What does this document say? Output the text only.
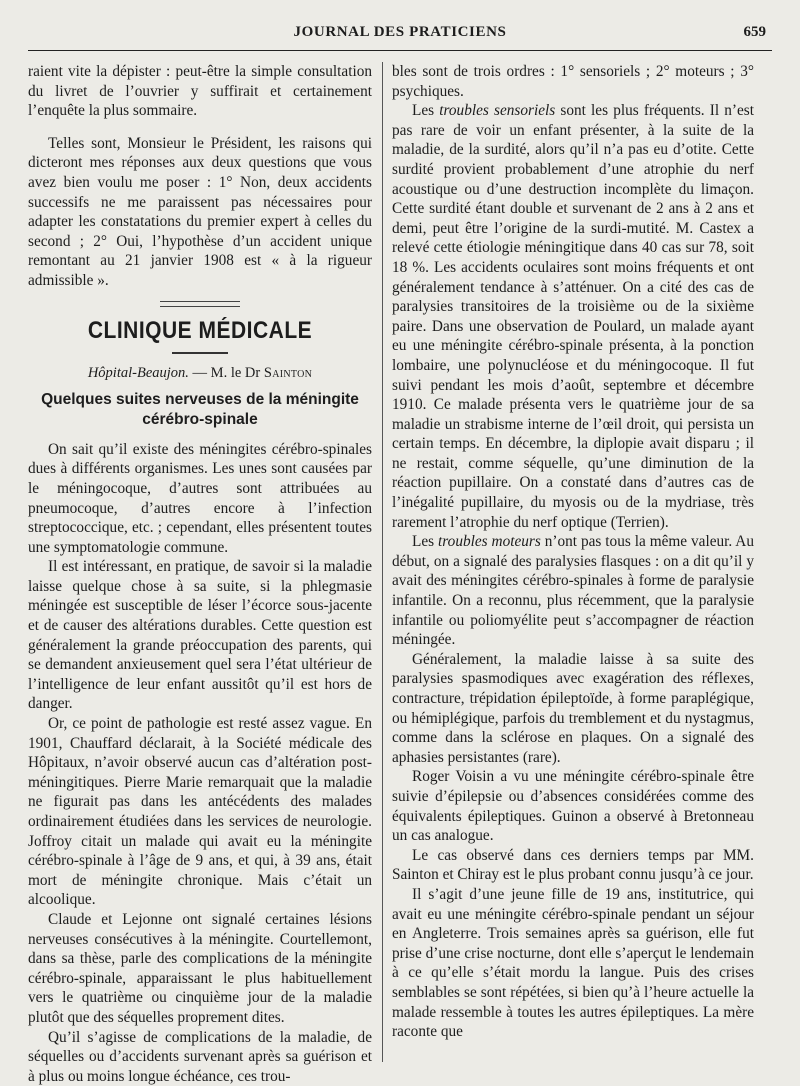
JOURNAL DES PRATICIENS	659

raient vite la dépister : peut-être la simple consultation du livret de l’ouvrier y suffirait et certainement l’enquête la plus sommaire.

Telles sont, Monsieur le Président, les raisons qui dicteront mes réponses aux deux questions que vous avez bien voulu me poser : 1° Non, deux accidents successifs ne me paraissent pas nécessaires pour adapter les constatations du premier expert à celles du second ; 2° Oui, l’hypothèse d’un accident unique remontant au 21 janvier 1908 est « à la rigueur admissible ».

CLINIQUE MÉDICALE
Hôpital-Beaujon. — M. le Dr Sainton
Quelques suites nerveuses de la méningite cérébro-spinale

On sait qu’il existe des méningites cérébro-spinales dues à différents organismes. Les unes sont causées par le méningocoque, d’autres sont attribuées au pneumocoque, d’autres encore à l’infection streptococcique, etc. ; cependant, elles présentent toutes une symptomatologie commune.

Il est intéressant, en pratique, de savoir si la maladie laisse quelque chose à sa suite, si la phlegmasie méningée est susceptible de léser l’écorce sous-jacente et de causer des altérations durables. Cette question est généralement la grande préoccupation des parents, qui se demandent anxieusement quel sera l’état ultérieur de l’intelligence de leur enfant aussitôt qu’il est hors de danger.

Or, ce point de pathologie est resté assez vague. En 1901, Chauffard déclarait, à la Société médicale des Hôpitaux, n’avoir observé aucun cas d’altération post-méningitiques. Pierre Marie remarquait que la maladie ne figurait pas dans les antécédents des malades ordinairement étudiées dans les services de neurologie. Joffroy citait un malade qui avait eu la méningite cérébro-spinale à l’âge de 9 ans, et qui, à 39 ans, était mort de méningite chronique. Mais c’était un alcoolique.

Claude et Lejonne ont signalé certaines lésions nerveuses consécutives à la méningite. Courtellemont, dans sa thèse, parle des complications de la méningite cérébro-spinale, apparaissant le plus habituellement vers le quatrième ou cinquième jour de la maladie plutôt que des séquelles proprement dites.

Qu’il s’agisse de complications de la maladie, de séquelles ou d’accidents survenant après sa guérison et à plus ou moins longue échéance, ces trou-

bles sont de trois ordres : 1° sensoriels ; 2° moteurs ; 3° psychiques.

Les troubles sensoriels sont les plus fréquents. Il n’est pas rare de voir un enfant présenter, à la suite de la maladie, de la surdité, alors qu’il n’a pas eu d’otite. Cette surdité provient probablement d’une atrophie du nerf acoustique ou d’une destruction incomplète du limaçon. Cette surdité étant double et survenant de 2 ans à 2 ans et demi, peut être l’origine de la surdi-mutité. M. Castex a relevé cette étiologie méningitique dans 40 cas sur 78, soit 18 %. Les accidents oculaires sont moins fréquents et ont généralement tendance à s’atténuer. On a cité des cas de paralysies transitoires de la troisième ou de la sixième paire. Dans une observation de Poulard, un malade ayant eu une méningite cérébro-spinale présenta, à la ponction lombaire, une polynucléose et du méningocoque. Il fut suivi pendant les mois d’août, septembre et décembre 1910. Ce malade présenta vers le quatrième jour de sa maladie un strabisme interne de l’œil droit, qui persista un certain temps. En décembre, la diplopie avait disparu ; il ne restait, comme séquelle, qu’une diminution de la réaction pupillaire. On a constaté dans d’autres cas de l’inégalité pupillaire, du myosis ou de la mydriase, très rarement l’atrophie du nerf optique (Terrien).

Les troubles moteurs n’ont pas tous la même valeur. Au début, on a signalé des paralysies flasques : on a dit qu’il y avait des méningites cérébro-spinales à forme de paralysie infantile. On a reconnu, plus récemment, que la paralysie infantile ou poliomyélite peut s’accompagner de réaction méningée.

Généralement, la maladie laisse à sa suite des paralysies spasmodiques avec exagération des réflexes, contracture, trépidation épileptoïde, à forme paraplégique, ou hémiplégique, parfois du tremblement et du nystagmus, comme dans la sclérose en plaques. On a signalé des aphasies persistantes (rare).

Roger Voisin a vu une méningite cérébro-spinale être suivie d’épilepsie ou d’absences considérées comme des équivalents épileptiques. Guinon a observé à Bretonneau un cas analogue.

Le cas observé dans ces derniers temps par MM. Sainton et Chiray est le plus probant connu jusqu’à ce jour.

Il s’agit d’une jeune fille de 19 ans, institutrice, qui avait eu une méningite cérébro-spinale pendant un séjour en Angleterre. Trois semaines après sa guérison, elle fut prise d’une crise nocturne, dont elle s’aperçut le lendemain à ce qu’elle s’était mordu la langue. Puis des crises semblables se sont répétées, si bien qu’à l’heure actuelle la malade ressemble à toutes les autres épileptiques. La mère raconte que
